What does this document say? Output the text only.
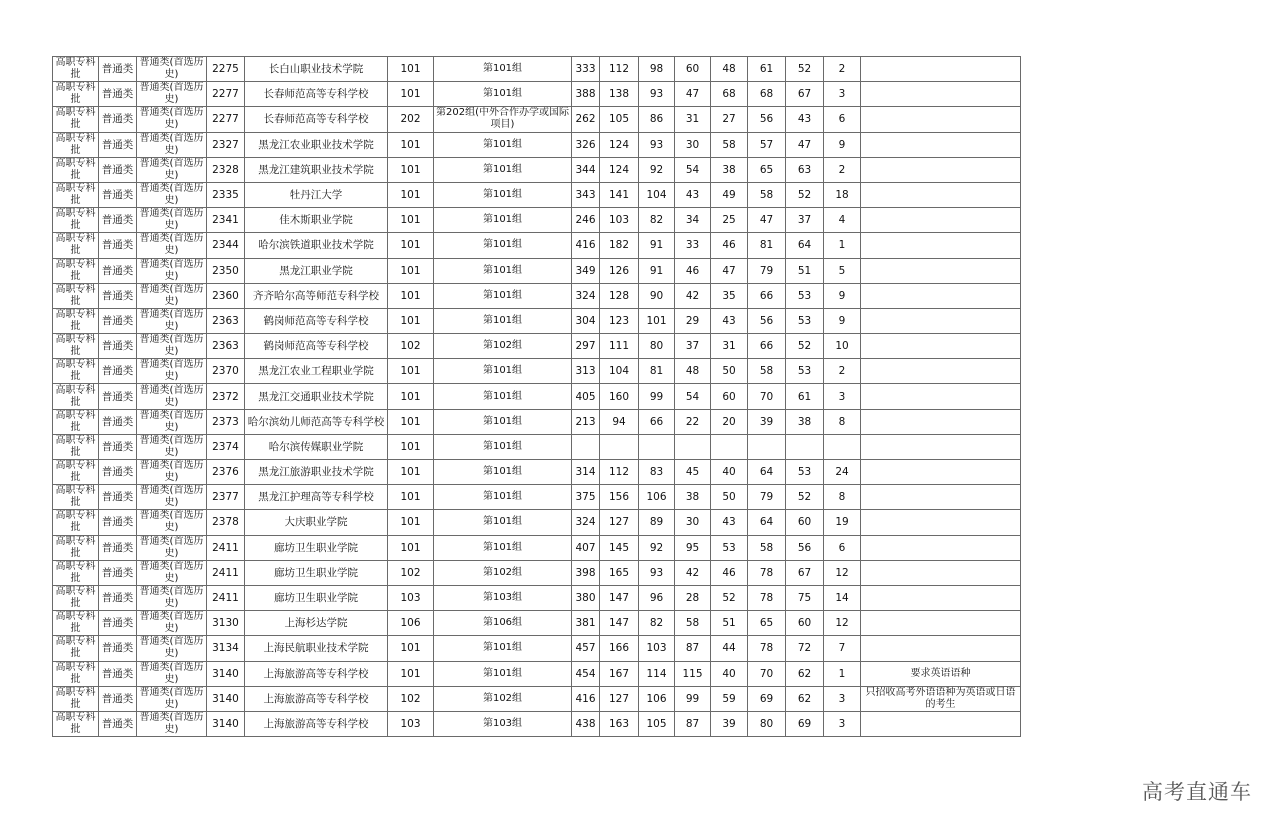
高职专科批	普通类	普通类(首选历史)	2275	长白山职业技术学院	101	第101组	333	112	98	60	48	61	52	2	
高职专科批	普通类	普通类(首选历史)	2277	长春师范高等专科学校	101	第101组	388	138	93	47	68	68	67	3	
高职专科批	普通类	普通类(首选历史)	2277	长春师范高等专科学校	202	第202组(中外合作办学或国际项目)	262	105	86	31	27	56	43	6	
高职专科批	普通类	普通类(首选历史)	2327	黑龙江农业职业技术学院	101	第101组	326	124	93	30	58	57	47	9	
高职专科批	普通类	普通类(首选历史)	2328	黑龙江建筑职业技术学院	101	第101组	344	124	92	54	38	65	63	2	
高职专科批	普通类	普通类(首选历史)	2335	牡丹江大学	101	第101组	343	141	104	43	49	58	52	18	
高职专科批	普通类	普通类(首选历史)	2341	佳木斯职业学院	101	第101组	246	103	82	34	25	47	37	4	
高职专科批	普通类	普通类(首选历史)	2344	哈尔滨铁道职业技术学院	101	第101组	416	182	91	33	46	81	64	1	
高职专科批	普通类	普通类(首选历史)	2350	黑龙江职业学院	101	第101组	349	126	91	46	47	79	51	5	
高职专科批	普通类	普通类(首选历史)	2360	齐齐哈尔高等师范专科学校	101	第101组	324	128	90	42	35	66	53	9	
高职专科批	普通类	普通类(首选历史)	2363	鹤岗师范高等专科学校	101	第101组	304	123	101	29	43	56	53	9	
高职专科批	普通类	普通类(首选历史)	2363	鹤岗师范高等专科学校	102	第102组	297	111	80	37	31	66	52	10	
高职专科批	普通类	普通类(首选历史)	2370	黑龙江农业工程职业学院	101	第101组	313	104	81	48	50	58	53	2	
高职专科批	普通类	普通类(首选历史)	2372	黑龙江交通职业技术学院	101	第101组	405	160	99	54	60	70	61	3	
高职专科批	普通类	普通类(首选历史)	2373	哈尔滨幼儿师范高等专科学校	101	第101组	213	94	66	22	20	39	38	8	
高职专科批	普通类	普通类(首选历史)	2374	哈尔滨传媒职业学院	101	第101组									
高职专科批	普通类	普通类(首选历史)	2376	黑龙江旅游职业技术学院	101	第101组	314	112	83	45	40	64	53	24	
高职专科批	普通类	普通类(首选历史)	2377	黑龙江护理高等专科学校	101	第101组	375	156	106	38	50	79	52	8	
高职专科批	普通类	普通类(首选历史)	2378	大庆职业学院	101	第101组	324	127	89	30	43	64	60	19	
高职专科批	普通类	普通类(首选历史)	2411	廊坊卫生职业学院	101	第101组	407	145	92	95	53	58	56	6	
高职专科批	普通类	普通类(首选历史)	2411	廊坊卫生职业学院	102	第102组	398	165	93	42	46	78	67	12	
高职专科批	普通类	普通类(首选历史)	2411	廊坊卫生职业学院	103	第103组	380	147	96	28	52	78	75	14	
高职专科批	普通类	普通类(首选历史)	3130	上海杉达学院	106	第106组	381	147	82	58	51	65	60	12	
高职专科批	普通类	普通类(首选历史)	3134	上海民航职业技术学院	101	第101组	457	166	103	87	44	78	72	7	
高职专科批	普通类	普通类(首选历史)	3140	上海旅游高等专科学校	101	第101组	454	167	114	115	40	70	62	1	要求英语语种
高职专科批	普通类	普通类(首选历史)	3140	上海旅游高等专科学校	102	第102组	416	127	106	99	59	69	62	3	只招收高考外语语种为英语或日语的考生
高职专科批	普通类	普通类(首选历史)	3140	上海旅游高等专科学校	103	第103组	438	163	105	87	39	80	69	3	
高考直通车
